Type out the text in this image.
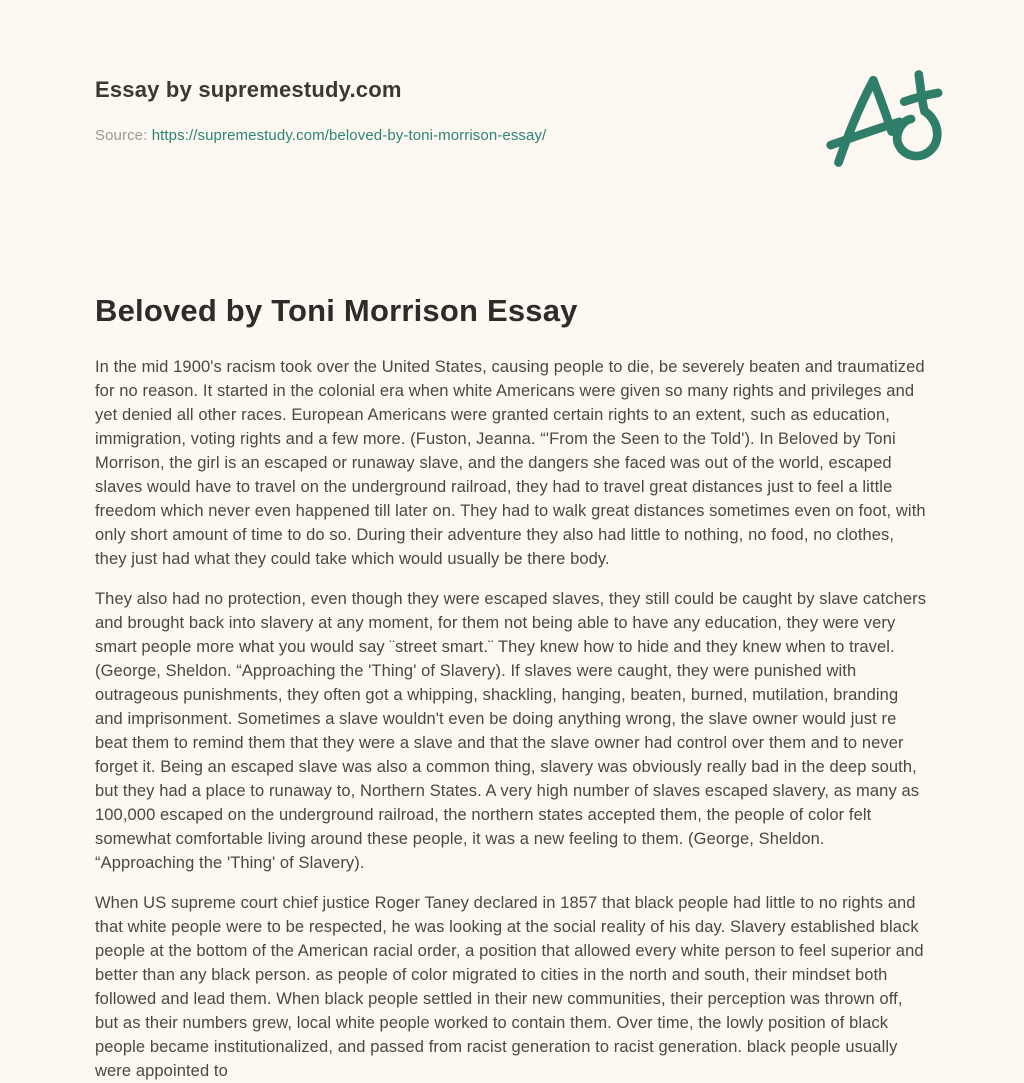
Essay by supremestudy.com
Source: https://supremestudy.com/beloved-by-toni-morrison-essay/
Beloved by Toni Morrison Essay

In the mid 1900's racism took over the United States, causing people to die, be severely beaten and traumatized for no reason. It started in the colonial era when white Americans were given so many rights and privileges and yet denied all other races. European Americans were granted certain rights to an extent, such as education, immigration, voting rights and a few more. (Fuston, Jeanna. “'From the Seen to the Told'). In Beloved by Toni Morrison, the girl is an escaped or runaway slave, and the dangers she faced was out of the world, escaped slaves would have to travel on the underground railroad, they had to travel great distances just to feel a little freedom which never even happened till later on. They had to walk great distances sometimes even on foot, with only short amount of time to do so. During their adventure they also had little to nothing, no food, no clothes, they just had what they could take which would usually be there body.

They also had no protection, even though they were escaped slaves, they still could be caught by slave catchers and brought back into slavery at any moment, for them not being able to have any education, they were very smart people more what you would say ¨street smart.¨ They knew how to hide and they knew when to travel. (George, Sheldon. “Approaching the 'Thing' of Slavery). If slaves were caught, they were punished with outrageous punishments, they often got a whipping, shackling, hanging, beaten, burned, mutilation, branding and imprisonment. Sometimes a slave wouldn't even be doing anything wrong, the slave owner would just re beat them to remind them that they were a slave and that the slave owner had control over them and to never forget it. Being an escaped slave was also a common thing, slavery was obviously really bad in the deep south, but they had a place to runaway to, Northern States. A very high number of slaves escaped slavery, as many as 100,000 escaped on the underground railroad, the northern states accepted them, the people of color felt somewhat comfortable living around these people, it was a new feeling to them. (George, Sheldon. “Approaching the 'Thing' of Slavery).

When US supreme court chief justice Roger Taney declared in 1857 that black people had little to no rights and that white people were to be respected, he was looking at the social reality of his day. Slavery established black people at the bottom of the American racial order, a position that allowed every white person to feel superior and better than any black person. as people of color migrated to cities in the north and south, their mindset both followed and lead them. When black people settled in their new communities, their perception was thrown off, but as their numbers grew, local white people worked to contain them. Over time, the lowly position of black people became institutionalized, and passed from racist generation to racist generation. black people usually were appointed to
